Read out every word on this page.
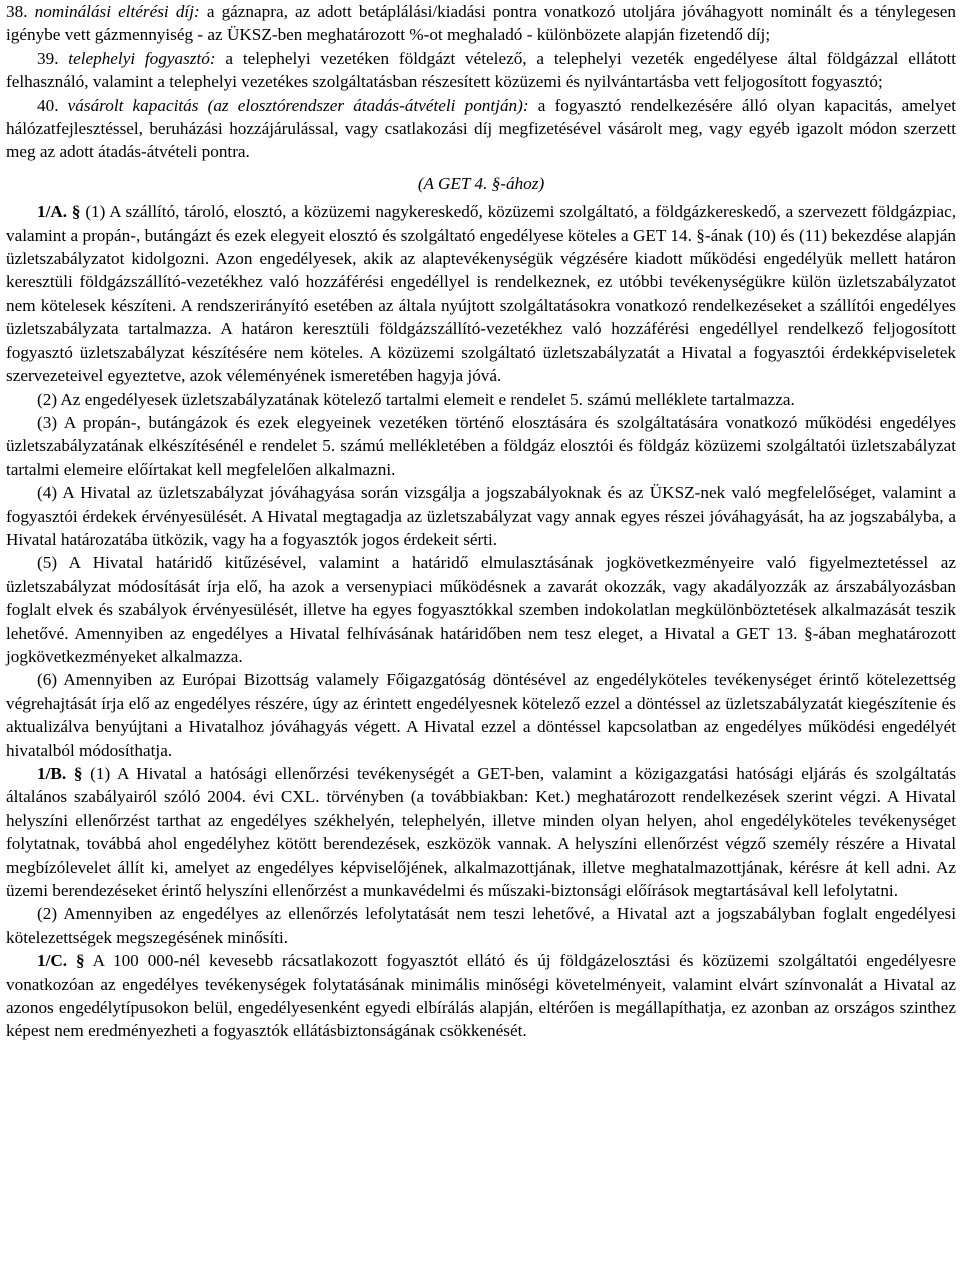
38. nominálási eltérési díj: a gáznapra, az adott betáplálási/kiadási pontra vonatkozó utoljára jóváhagyott nominált és a ténylegesen igénybe vett gázmennyiség - az ÜKSZ-ben meghatározott %-ot meghaladó - különbözete alapján fizetendő díj;

39. telephelyi fogyasztó: a telephelyi vezetéken földgázt vételező, a telephelyi vezeték engedélyese által földgázzal ellátott felhasználó, valamint a telephelyi vezetékes szolgáltatásban részesített közüzemi és nyilvántartásba vett feljogosított fogyasztó;

40. vásárolt kapacitás (az elosztórendszer átadás-átvételi pontján): a fogyasztó rendelkezésére álló olyan kapacitás, amelyet hálózatfejlesztéssel, beruházási hozzájárulással, vagy csatlakozási díj megfizetésével vásárolt meg, vagy egyéb igazolt módon szerzett meg az adott átadás-átvételi pontra.

(A GET 4. §-ához)

1/A. § (1) A szállító, tároló, elosztó, a közüzemi nagykereskedő, közüzemi szolgáltató, a földgázkereskedő, a szervezett földgázpiac, valamint a propán-, butángázt és ezek elegyeit elosztó és szolgáltató engedélyese köteles a GET 14. §-ának (10) és (11) bekezdése alapján üzletszabályzatot kidolgozni. Azon engedélyesek, akik az alaptevékenységük végzésére kiadott működési engedélyük mellett határon keresztüli földgázszállító-vezetékhez való hozzáférési engedéllyel is rendelkeznek, ez utóbbi tevékenységükre külön üzletszabályzatot nem kötelesek készíteni. A rendszerirányító esetében az általa nyújtott szolgáltatásokra vonatkozó rendelkezéseket a szállítói engedélyes üzletszabályzata tartalmazza. A határon keresztüli földgázszállító-vezetékhez való hozzáférési engedéllyel rendelkező feljogosított fogyasztó üzletszabályzat készítésére nem köteles. A közüzemi szolgáltató üzletszabályzatát a Hivatal a fogyasztói érdekképviseletek szervezeteivel egyeztetve, azok véleményének ismeretében hagyja jóvá.

(2) Az engedélyesek üzletszabályzatának kötelező tartalmi elemeit e rendelet 5. számú melléklete tartalmazza.

(3) A propán-, butángázok és ezek elegyeinek vezetéken történő elosztására és szolgáltatására vonatkozó működési engedélyes üzletszabályzatának elkészítésénél e rendelet 5. számú mellékletében a földgáz elosztói és földgáz közüzemi szolgáltatói üzletszabályzat tartalmi elemeire előírtakat kell megfelelően alkalmazni.

(4) A Hivatal az üzletszabályzat jóváhagyása során vizsgálja a jogszabályoknak és az ÜKSZ-nek való megfelelőséget, valamint a fogyasztói érdekek érvényesülését. A Hivatal megtagadja az üzletszabályzat vagy annak egyes részei jóváhagyását, ha az jogszabályba, a Hivatal határozatába ütközik, vagy ha a fogyasztók jogos érdekeit sérti.

(5) A Hivatal határidő kitűzésével, valamint a határidő elmulasztásának jogkövetkezményeire való figyelmeztetéssel az üzletszabályzat módosítását írja elő, ha azok a versenypiaci működésnek a zavarát okozzák, vagy akadályozzák az árszabályozásban foglalt elvek és szabályok érvényesülését, illetve ha egyes fogyasztókkal szemben indokolatlan megkülönböztetések alkalmazását teszik lehetővé. Amennyiben az engedélyes a Hivatal felhívásának határidőben nem tesz eleget, a Hivatal a GET 13. §-ában meghatározott jogkövetkezményeket alkalmazza.

(6) Amennyiben az Európai Bizottság valamely Főigazgatóság döntésével az engedélyköteles tevékenységet érintő kötelezettség végrehajtását írja elő az engedélyes részére, úgy az érintett engedélyesnek kötelező ezzel a döntéssel az üzletszabályzatát kiegészítenie és aktualizálva benyújtani a Hivatalhoz jóváhagyás végett. A Hivatal ezzel a döntéssel kapcsolatban az engedélyes működési engedélyét hivatalból módosíthatja.

1/B. § (1) A Hivatal a hatósági ellenőrzési tevékenységét a GET-ben, valamint a közigazgatási hatósági eljárás és szolgáltatás általános szabályairól szóló 2004. évi CXL. törvényben (a továbbiakban: Ket.) meghatározott rendelkezések szerint végzi. A Hivatal helyszíni ellenőrzést tarthat az engedélyes székhelyén, telephelyén, illetve minden olyan helyen, ahol engedélyköteles tevékenységet folytatnak, továbbá ahol engedélyhez kötött berendezések, eszközök vannak. A helyszíni ellenőrzést végző személy részére a Hivatal megbízólevelet állít ki, amelyet az engedélyes képviselőjének, alkalmazottjának, illetve meghatalmazottjának, kérésre át kell adni. Az üzemi berendezéseket érintő helyszíni ellenőrzést a munkavédelmi és műszaki-biztonsági előírások megtartásával kell lefolytatni.

(2) Amennyiben az engedélyes az ellenőrzés lefolytatását nem teszi lehetővé, a Hivatal azt a jogszabályban foglalt engedélyesi kötelezettségek megszegésének minősíti.

1/C. § A 100 000-nél kevesebb rácsatlakozott fogyasztót ellátó és új földgázelosztási és közüzemi szolgáltatói engedélyesre vonatkozóan az engedélyes tevékenységek folytatásának minimális minőségi követelményeit, valamint elvárt színvonalát a Hivatal az azonos engedélytípusokon belül, engedélyesenként egyedi elbírálás alapján, eltérően is megállapíthatja, ez azonban az országos szinthez képest nem eredményezheti a fogyasztók ellátásbiztonságának csökkenését.
